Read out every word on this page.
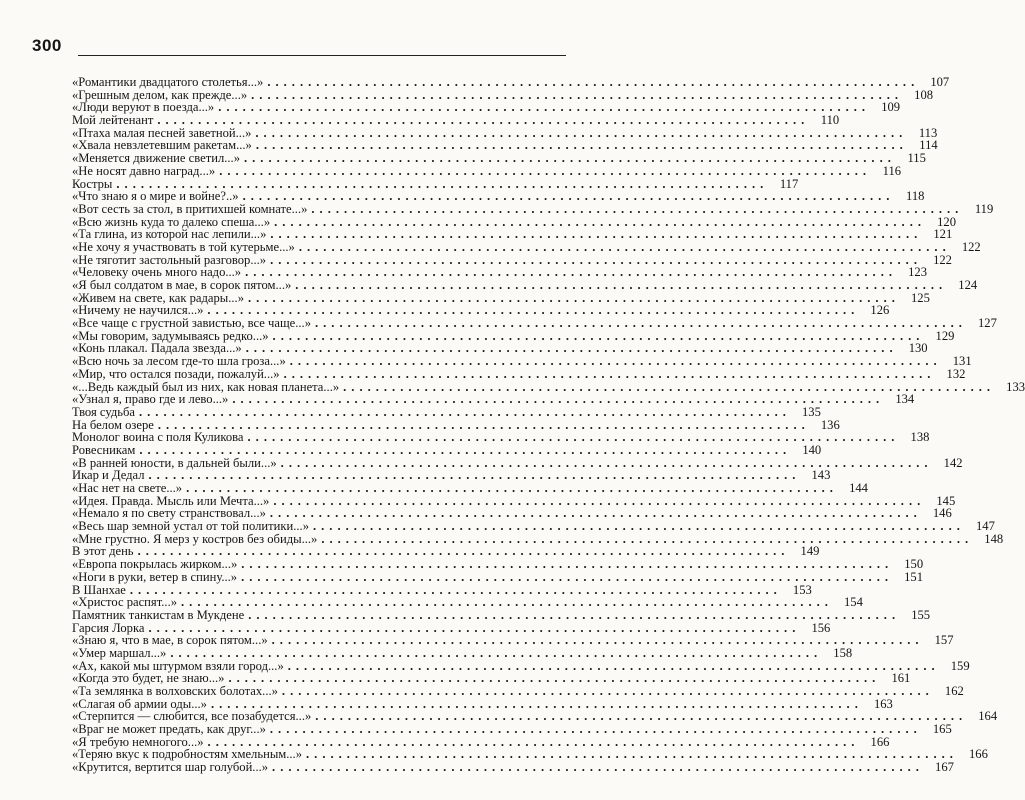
300
«Романтики двадцатого столетья...» ................................................................................ 107
«Грешным делом, как прежде...» ................................................................................ 108
«Люди веруют в поезда...» ................................................................................ 109
Мой лейтенант ................................................................................ 110
«Птаха малая песней заветной...» ................................................................................ 113
«Хвала невзлетевшим ракетам...» ................................................................................ 114
«Меняется движение светил...» ................................................................................ 115
«Не носят давно наград...» ................................................................................ 116
Костры ................................................................................ 117
«Что знаю я о мире и войне?..» ................................................................................ 118
«Вот сесть за стол, в притихшей комнате...» ................................................................................ 119
«Всю жизнь куда то далеко спеша...» ................................................................................ 120
«Та глина, из которой нас лепили...» ................................................................................ 121
«Не хочу я участвовать в той кутерьме...» ................................................................................ 122
«Не тяготит застольный разговор...» ................................................................................ 122
«Человеку очень много надо...» ................................................................................ 123
«Я был солдатом в мае, в сорок пятом...» ................................................................................ 124
«Живем на свете, как радары...» ................................................................................ 125
«Ничему не научился...» ................................................................................ 126
«Все чаще с грустной завистью, все чаще...» ................................................................................ 127
«Мы говорим, задумываясь редко...» ................................................................................ 129
«Конь плакал. Падала звезда...» ................................................................................ 130
«Всю ночь за лесом где-то шла гроза...» ................................................................................ 131
«Мир, что остался позади, пожалуй...» ................................................................................ 132
«...Ведь каждый был из них, как новая планета...» ................................................................................ 133
«Узнал я, право где и лево...» ................................................................................ 134
Твоя судьба ................................................................................ 135
На белом озере ................................................................................ 136
Монолог воина с поля Куликова ................................................................................ 138
Ровесникам ................................................................................ 140
«В ранней юности, в дальней были...» ................................................................................ 142
Икар и Дедал ................................................................................ 143
«Нас нет на свете...» ................................................................................ 144
«Идея. Правда. Мысль или Мечта...» ................................................................................ 145
«Немало я по свету странствовал...» ................................................................................ 146
«Весь шар земной устал от той политики...» ................................................................................ 147
«Мне грустно. Я мерз у костров без обиды...» ................................................................................ 148
В этот день ................................................................................ 149
«Европа покрылась жирком...» ................................................................................ 150
«Ноги в руки, ветер в спину...» ................................................................................ 151
В Шанхае ................................................................................ 153
«Христос распят...» ................................................................................ 154
Памятник танкистам в Мукдене ................................................................................ 155
Гарсия Лорка ................................................................................ 156
«Знаю я, что в мае, в сорок пятом...» ................................................................................ 157
«Умер маршал...» ................................................................................ 158
«Ах, какой мы штурмом взяли город...» ................................................................................ 159
«Когда это будет, не знаю...» ................................................................................ 161
«Та землянка в волховских болотах...» ................................................................................ 162
«Слагая об армии оды...» ................................................................................ 163
«Стерпится — слюбится, все позабудется...» ................................................................................ 164
«Враг не может предать, как друг...» ................................................................................ 165
«Я требую немногого...» ................................................................................ 166
«Теряю вкус к подробностям хмельным...» ................................................................................ 166
«Крутится, вертится шар голубой...» ................................................................................ 167
